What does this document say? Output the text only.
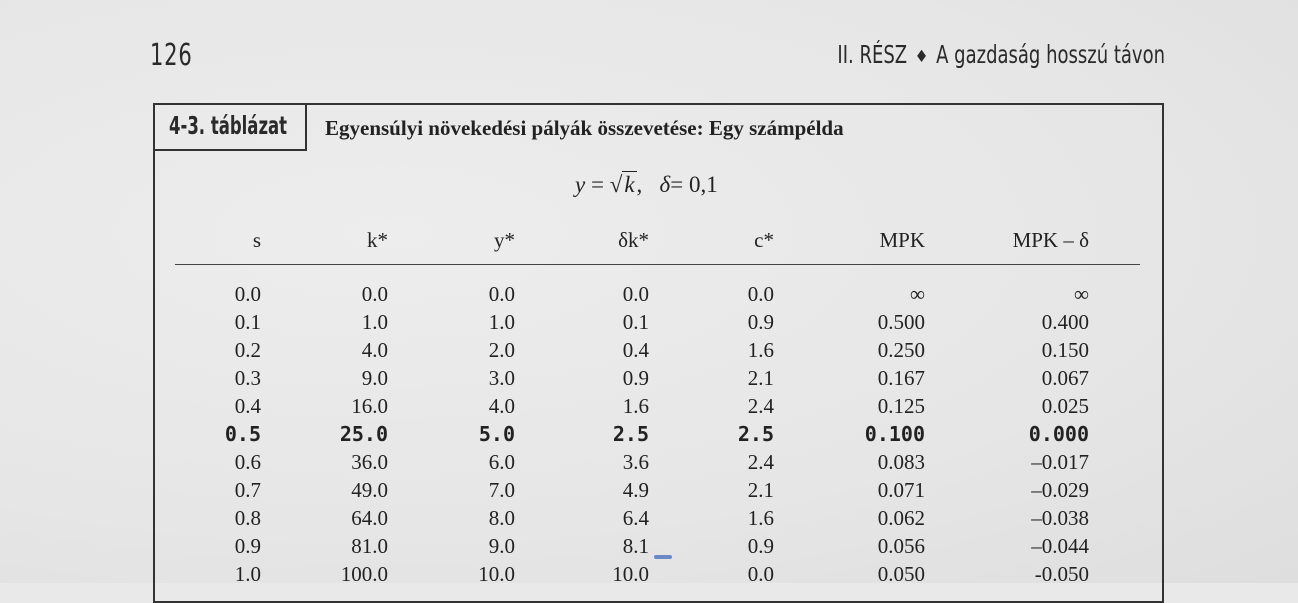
126	II. RÉSZ ◆ A gazdaság hosszú távon
4-3. táblázat Egyensúlyi növekedési pályák összevetése: Egy számpélda
y = √k, δ= 0,1
s	k*	y*	δk*	c*	MPK	MPK – δ

0.0	0.0	0.0	0.0	0.0	∞	∞
0.1	1.0	1.0	0.1	0.9	0.500	0.400
0.2	4.0	2.0	0.4	1.6	0.250	0.150
0.3	9.0	3.0	0.9	2.1	0.167	0.067
0.4	16.0	4.0	1.6	2.4	0.125	0.025
0.5	25.0	5.0	2.5	2.5	0.100	0.000
0.6	36.0	6.0	3.6	2.4	0.083	–0.017
0.7	49.0	7.0	4.9	2.1	0.071	–0.029
0.8	64.0	8.0	6.4	1.6	0.062	–0.038
0.9	81.0	9.0	8.1	0.9	0.056	–0.044
1.0	100.0	10.0	10.0	0.0	0.050	-0.050
